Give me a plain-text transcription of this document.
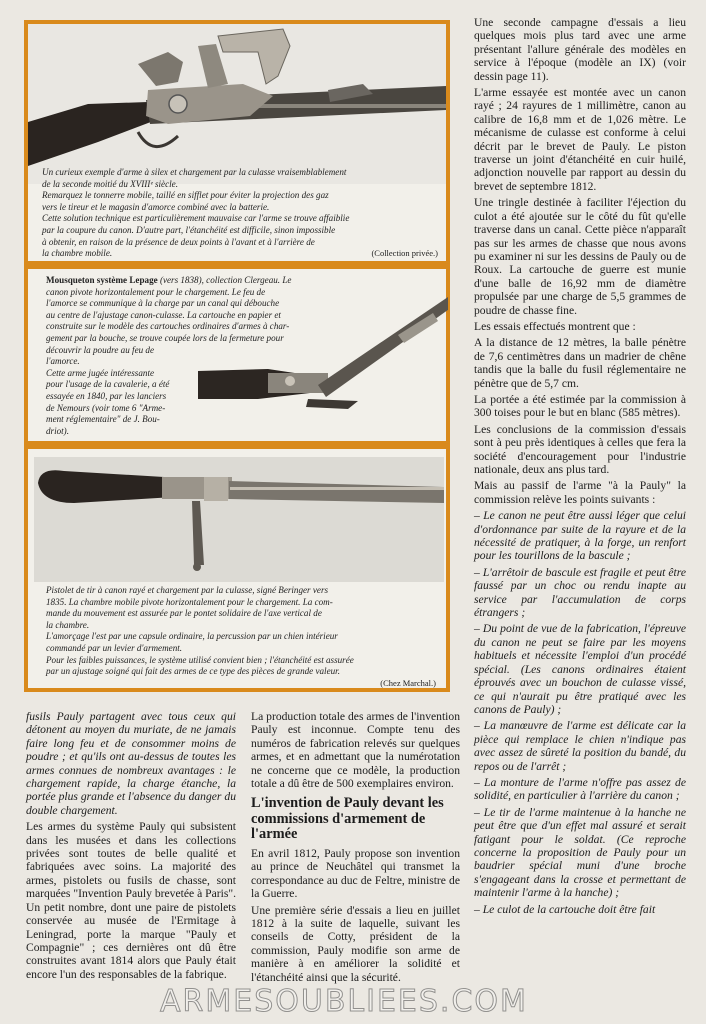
Un curieux exemple d'arme à silex et chargement par la culasse vraisemblablement
de la seconde moitié du XVIIIᵉ siècle.
Remarquez le tonnerre mobile, taillé en sifflet pour éviter la projection des gaz
vers le tireur et le magasin d'amorce combiné avec la batterie.
Cette solution technique est particulièrement mauvaise car l'arme se trouve affaiblie
par la coupure du canon. D'autre part, l'étanchéité est difficile, sinon impossible
à obtenir, en raison de la présence de deux points à l'avant et à l'arrière de
la chambre mobile.	(Collection privée.)
Mousqueton système Lepage (vers 1838), collection Clergeau. Le
canon pivote horizontalement pour le chargement. Le feu de
l'amorce se communique à la charge par un canal qui débouche
au centre de l'ajustage canon-culasse. La cartouche en papier et
construite sur le modèle des cartouches ordinaires d'armes à char-
gement par la bouche, se trouve coupée lors de la fermeture pour
découvrir la poudre au feu de
l'amorce.
Cette arme jugée intéressante
pour l'usage de la cavalerie, a été
essayée en 1840, par les lanciers
de Nemours (voir tome 6 "Arme-
ment réglementaire" de J. Bou-
driot).
Pistolet de tir à canon rayé et chargement par la culasse, signé Beringer vers
1835. La chambre mobile pivote horizontalement pour le chargement. La com-
mande du mouvement est assurée par le pontet solidaire de l'axe vertical de
la chambre.
L'amorçage l'est par une capsule ordinaire, la percussion par un chien intérieur
commandé par un levier d'armement.
Pour les faibles puissances, le système utilisé convient bien ; l'étanchéité est assurée
par un ajustage soigné qui fait des armes de ce type des pièces de grande valeur.
(Chez Marchal.)

Une seconde campagne d'essais a lieu quelques mois plus tard avec une arme présentant l'allure générale des modèles en service à l'époque (modèle an IX) (voir dessin page 11).

L'arme essayée est montée avec un canon rayé ; 24 rayures de 1 millimètre, canon au calibre de 16,8 mm et de 1,026 mètre. Le mécanisme de culasse est conforme à celui décrit par le brevet de Pauly. Le piston traverse un joint d'étanchéité en cuir huilé, adjonction nouvelle par rapport au dessin du brevet de septembre 1812.

Une tringle destinée à faciliter l'éjection du culot a été ajoutée sur le côté du fût qu'elle traverse dans un canal. Cette pièce n'apparaît pas sur les armes de chasse que nous avons pu examiner ni sur les dessins de Pauly ou de Roux. La cartouche de guerre est munie d'une balle de 16,92 mm de diamètre propulsée par une charge de 5,5 grammes de poudre de chasse fine.

Les essais effectués montrent que :

A la distance de 12 mètres, la balle pénètre de 7,6 centimètres dans un madrier de chêne tandis que la balle du fusil réglementaire ne pénètre que de 5,7 cm.

La portée a été estimée par la commission à 300 toises pour le but en blanc (585 mètres).

Les conclusions de la commission d'essais sont à peu près identiques à celles que fera la société d'encouragement pour l'industrie nationale, deux ans plus tard.

Mais au passif de l'arme "à la Pauly" la commission relève les points suivants :

– Le canon ne peut être aussi léger que celui d'ordonnance par suite de la rayure et de la nécessité de pratiquer, à la forge, un renfort pour les tourillons de la bascule ;

– L'arrêtoir de bascule est fragile et peut être faussé par un choc ou rendu inapte au service par l'accumulation de corps étrangers ;

– Du point de vue de la fabrication, l'épreuve du canon ne peut se faire par les moyens habituels et nécessite l'emploi d'un procédé spécial. (Les canons ordinaires étaient éprouvés avec un bouchon de culasse vissé, ce qui n'aurait pu être pratiqué avec les canons de Pauly) ;

– La manœuvre de l'arme est délicate car la pièce qui remplace le chien n'indique pas avec assez de sûreté la position du bandé, du repos ou de l'arrêt ;

– La monture de l'arme n'offre pas assez de solidité, en particulier à l'arrière du canon ;

– Le tir de l'arme maintenue à la hanche ne peut être que d'un effet mal assuré et serait fatigant pour le soldat. (Ce reproche concerne la proposition de Pauly pour un baudrier spécial muni d'une broche s'engageant dans la crosse et permettant de maintenir l'arme à la hanche) ;

– Le culot de la cartouche doit être fait

fusils Pauly partagent avec tous ceux qui détonent au moyen du muriate, de ne jamais faire long feu et de consommer moins de poudre ; et qu'ils ont au-dessus de toutes les armes connues de nombreux avantages : le chargement rapide, la charge étanche, la portée plus grande et l'absence du danger du double chargement.

Les armes du système Pauly qui subsistent dans les musées et dans les collections privées sont toutes de belle qualité et fabriquées avec soins. La majorité des armes, pistolets ou fusils de chasse, sont marquées "Invention Pauly brevetée à Paris". Un petit nombre, dont une paire de pistolets conservée au musée de l'Ermitage à Leningrad, porte la marque "Pauly et Compagnie" ; ces dernières ont dû être construites avant 1814 alors que Pauly était encore l'un des responsables de la fabrique.

La production totale des armes de l'invention Pauly est inconnue. Compte tenu des numéros de fabrication relevés sur quelques armes, et en admettant que la numérotation ne concerne que ce modèle, la production totale a dû être de 500 exemplaires environ.

L'invention de Pauly devant les commissions d'armement de l'armée

En avril 1812, Pauly propose son invention au prince de Neuchâtel qui transmet la correspondance au duc de Feltre, ministre de la Guerre.

Une première série d'essais a lieu en juillet 1812 à la suite de laquelle, suivant les conseils de Cotty, président de la commission, Pauly modifie son arme de manière à en améliorer la solidité et l'étanchéité ainsi que la sécurité.

ARMESOUBLIEES.COM
